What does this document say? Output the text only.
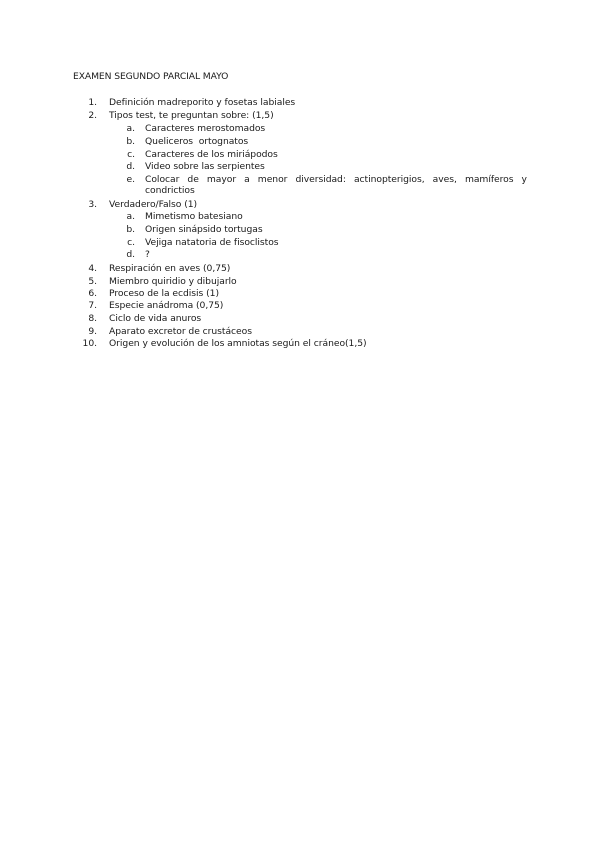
EXAMEN SEGUNDO PARCIAL MAYO
1. Definición madreporito y fosetas labiales
2. Tipos test, te preguntan sobre: (1,5)
a. Caracteres merostomados
b. Queliceros  ortognatos
c. Caracteres de los miriápodos
d. Video sobre las serpientes
e. Colocar de mayor a menor diversidad: actinopterigios, aves, mamíferos y
condrictios
3. Verdadero/Falso (1)
a. Mimetismo batesiano
b. Origen sinápsido tortugas
c. Vejiga natatoria de fisoclistos
d. ?
4. Respiración en aves (0,75)
5. Miembro quiridio y dibujarlo
6. Proceso de la ecdisis (1)
7. Especie anádroma (0,75)
8. Ciclo de vida anuros
9. Aparato excretor de crustáceos
10. Origen y evolución de los amniotas según el cráneo(1,5)
